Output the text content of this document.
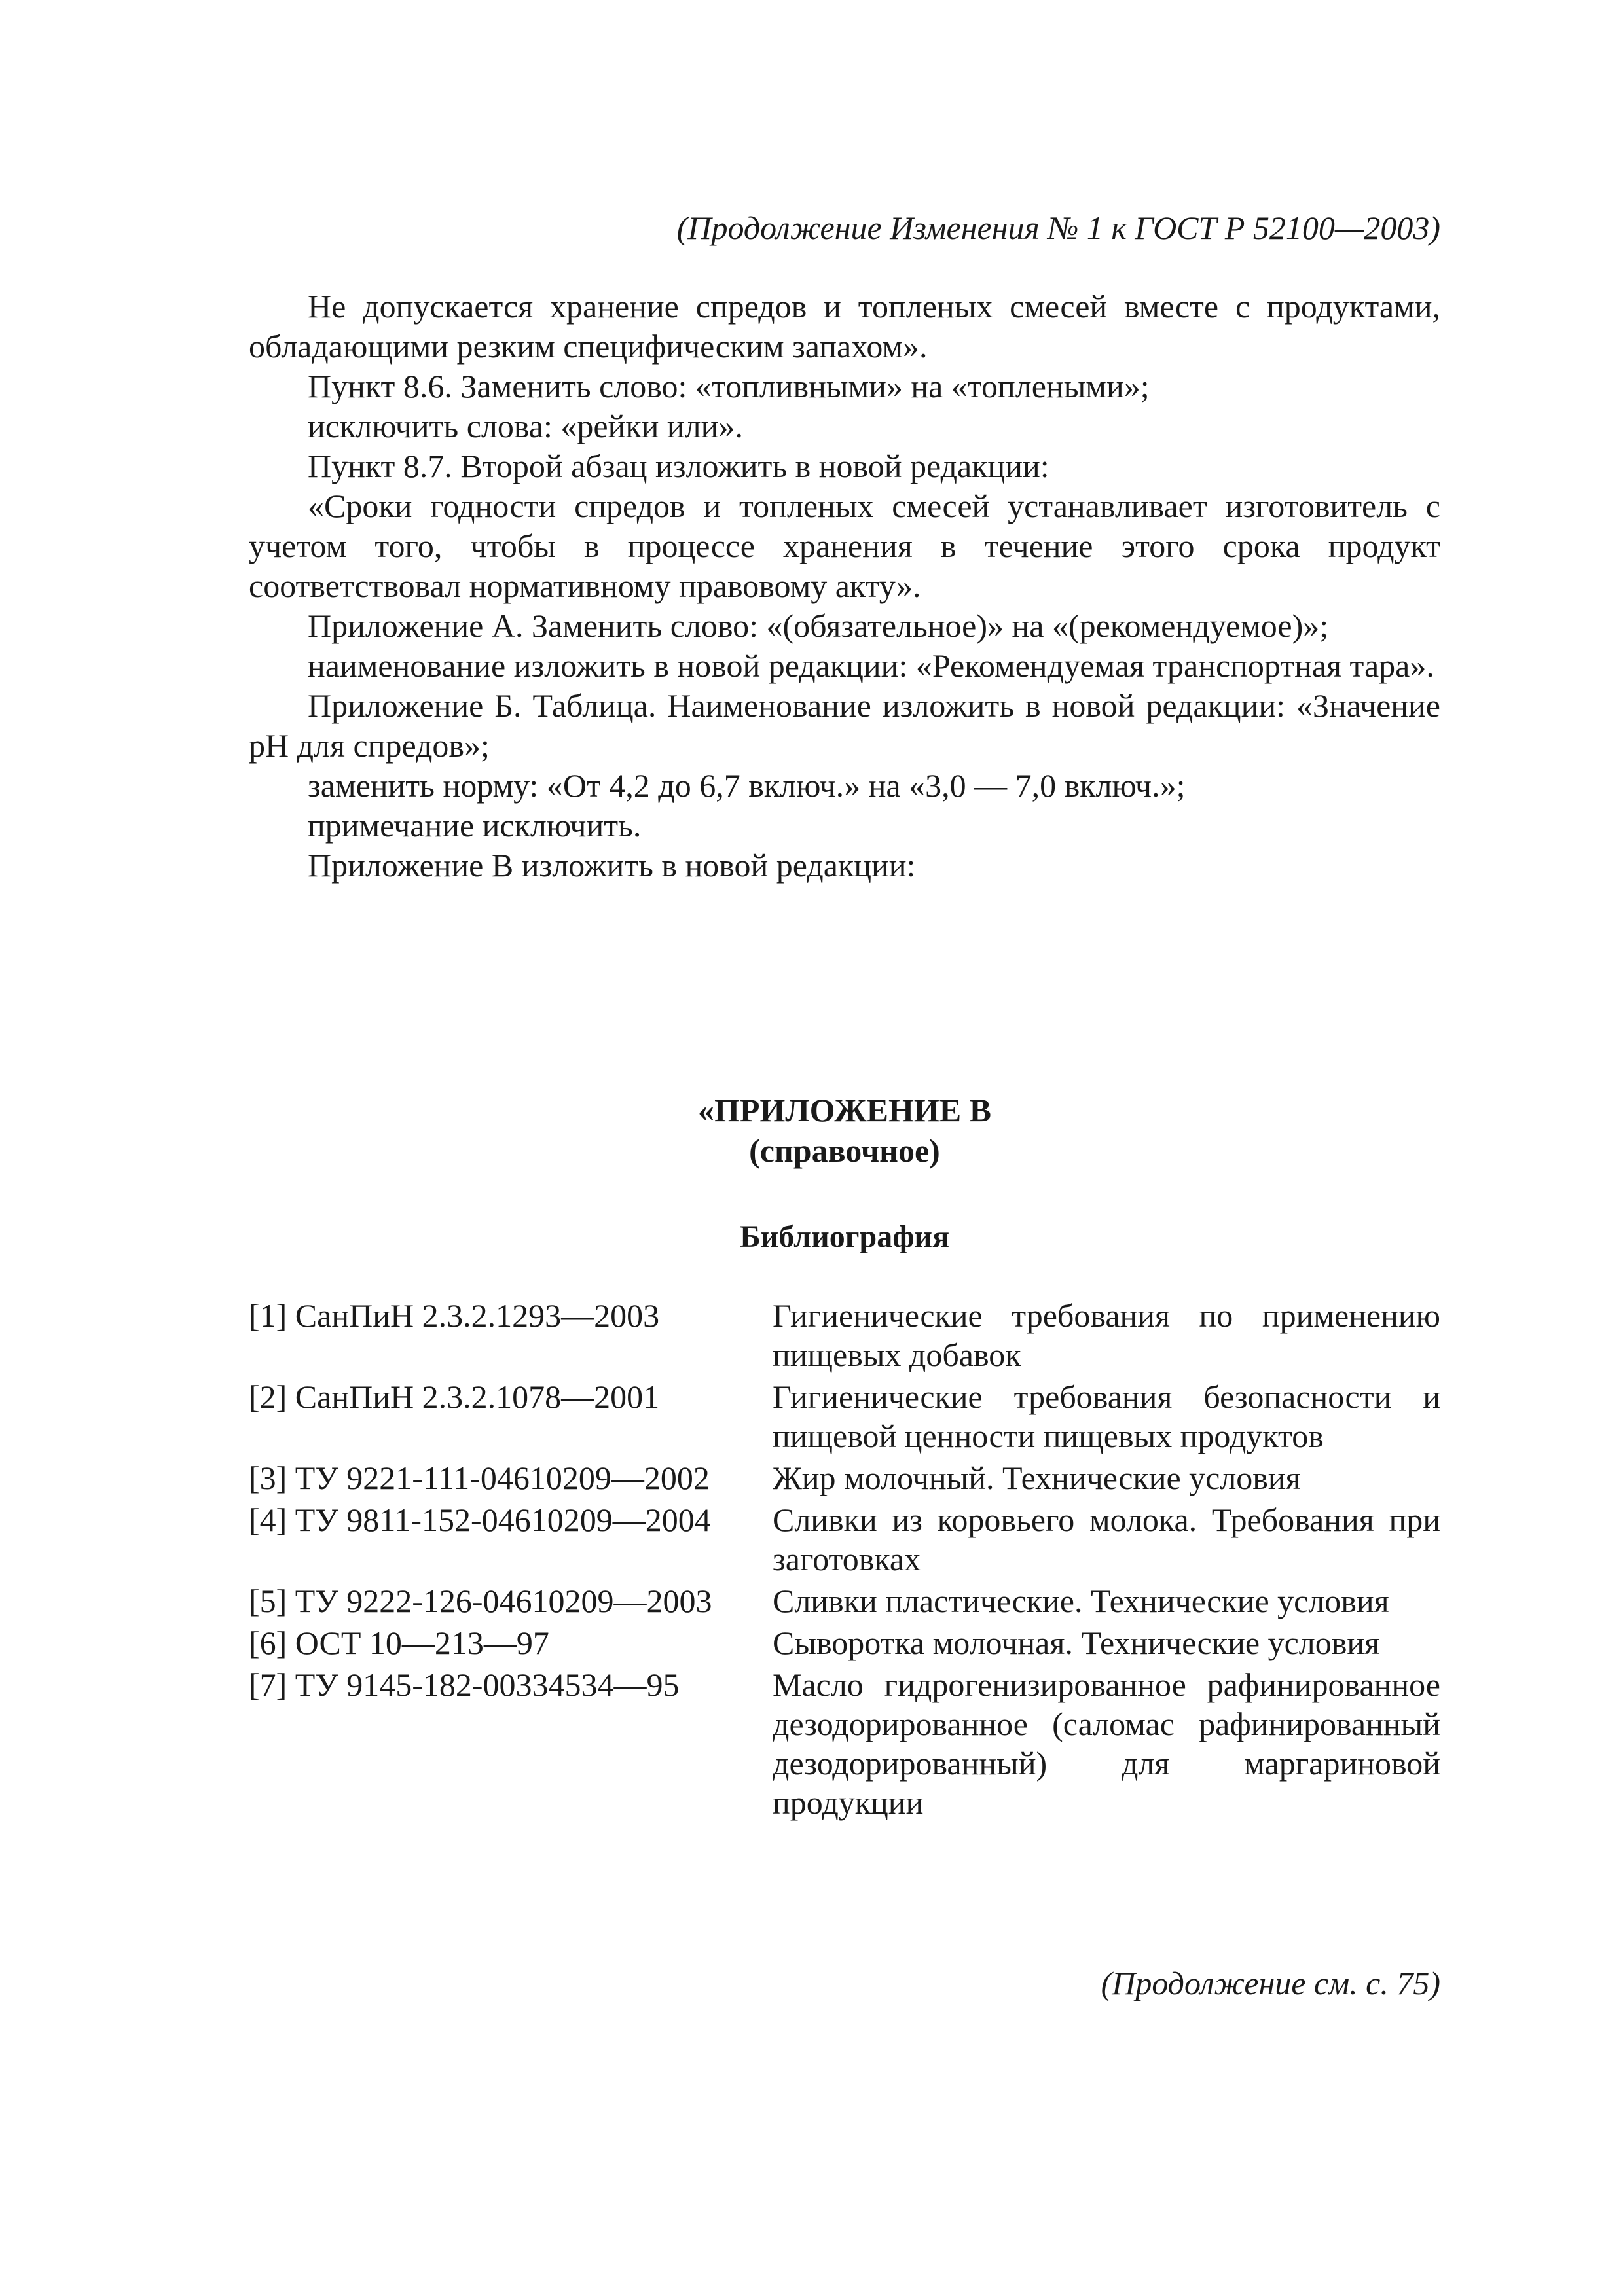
(Продолжение Изменения № 1 к ГОСТ Р 52100—2003)

Не допускается хранение спредов и топленых смесей вместе с продуктами, обладающими резким специфическим запахом».

Пункт 8.6. Заменить слово: «топливными» на «топлеными»;

исключить слова: «рейки или».

Пункт 8.7. Второй абзац изложить в новой редакции:

«Сроки годности спредов и топленых смесей устанавливает изготовитель с учетом того, чтобы в процессе хранения в течение этого срока продукт соответствовал нормативному правовому акту».

Приложение А. Заменить слово: «(обязательное)» на «(рекомендуемое)»;

наименование изложить в новой редакции: «Рекомендуемая транспортная тара».

Приложение Б. Таблица. Наименование изложить в новой редакции: «Значение pH для спредов»;

заменить норму: «От 4,2 до 6,7 включ.» на «3,0 — 7,0 включ.»;

примечание исключить.

Приложение В изложить в новой редакции:

«ПРИЛОЖЕНИЕ В
(справочное)
Библиография
[1] СанПиН 2.3.2.1293—2003	Гигиенические требования по применению пищевых добавок
[2] СанПиН 2.3.2.1078—2001	Гигиенические требования безопасности и пищевой ценности пищевых продуктов
[3] ТУ 9221-111-04610209—2002	Жир молочный. Технические условия
[4] ТУ 9811-152-04610209—2004	Сливки из коровьего молока. Требования при заготовках
[5] ТУ 9222-126-04610209—2003	Сливки пластические. Технические условия
[6] ОСТ 10—213—97	Сыворотка молочная. Технические условия
[7] ТУ 9145-182-00334534—95	Масло гидрогенизированное рафинированное дезодорированное (саломас рафинированный дезодорированный) для маргариновой продукции
(Продолжение см. с. 75)
